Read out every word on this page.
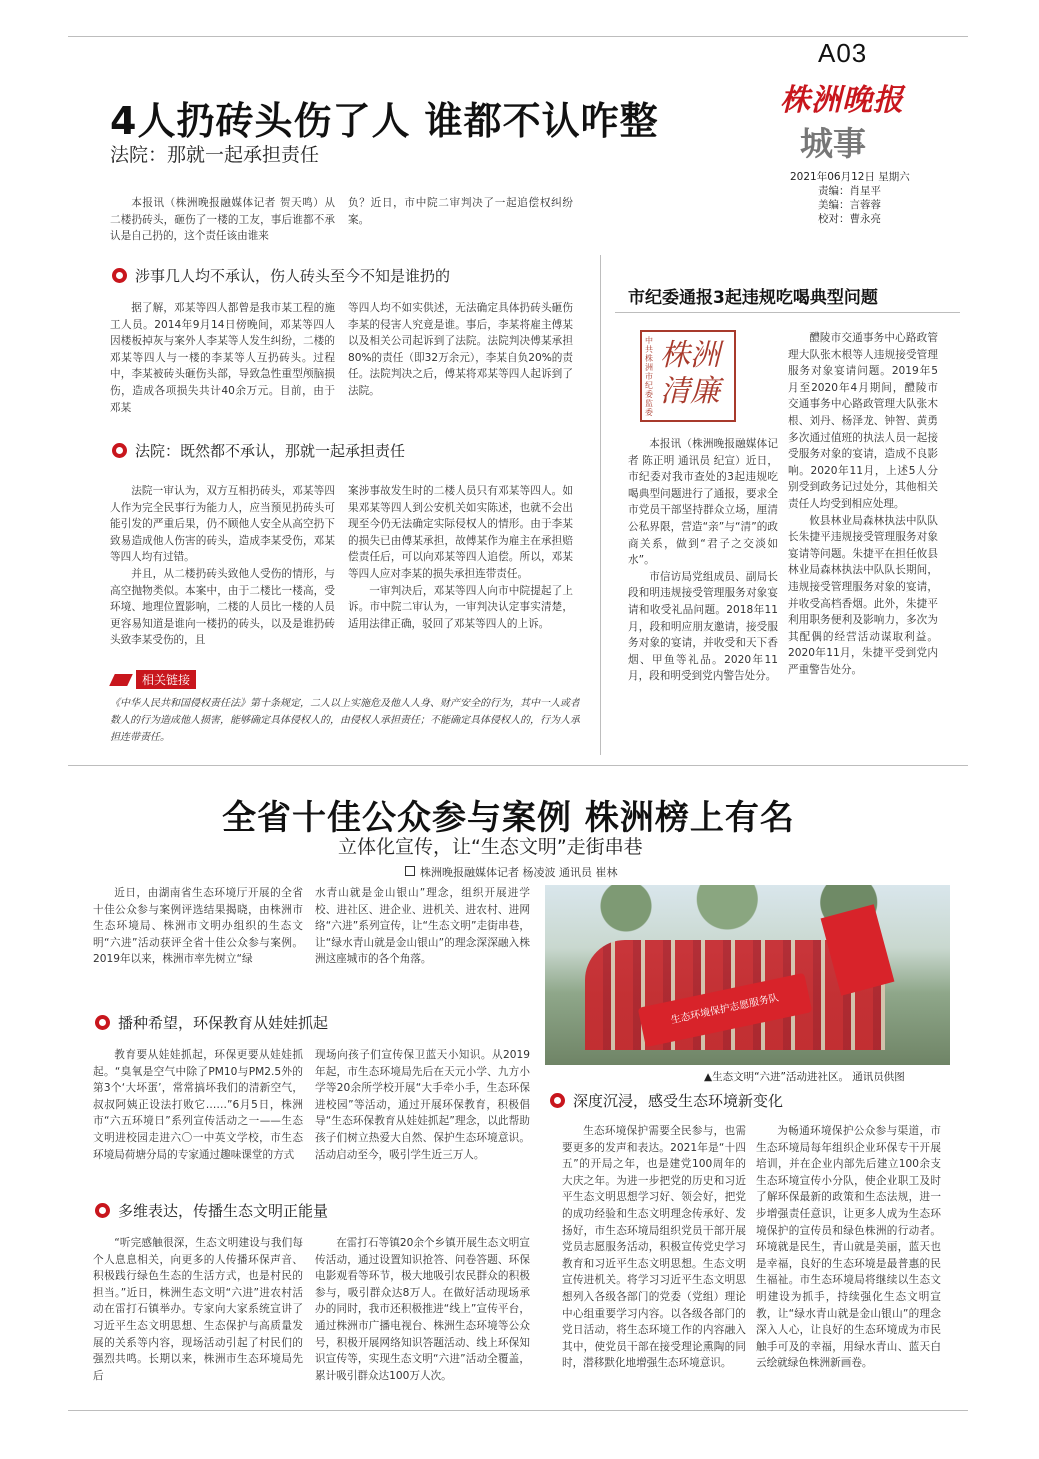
A03
株洲晚报
城事
2021年06月12日 星期六
责编：肖星平
美编：言蓉蓉
校对：曹永亮
4人扔砖头伤了人 谁都不认咋整
法院：那就一起承担责任

本报讯（株洲晚报融媒体记者 贺天鸣）从二楼扔砖头，砸伤了一楼的工友，事后谁都不承认是自己扔的，这个责任该由谁来

负？近日，市中院二审判决了一起追偿权纠纷案。

涉事几人均不承认，伤人砖头至今不知是谁扔的

据了解，邓某等四人都曾是我市某工程的施工人员。2014年9月14日傍晚间，邓某等四人因楼板掉灰与案外人李某等人发生纠纷，二楼的邓某等四人与一楼的李某等人互扔砖头。过程中，李某被砖头砸伤头部，导致急性重型颅脑损伤，造成各项损失共计40余万元。目前，由于邓某

等四人均不如实供述，无法确定具体扔砖头砸伤李某的侵害人究竟是谁。事后，李某将雇主傅某以及相关公司起诉到了法院。法院判决傅某承担80%的责任（即32万余元），李某自负20%的责任。法院判决之后，傅某将邓某等四人起诉到了法院。

法院：既然都不承认，那就一起承担责任

法院一审认为，双方互相扔砖头，邓某等四人作为完全民事行为能力人，应当预见扔砖头可能引发的严重后果，仍不顾他人安全从高空扔下致易造成他人伤害的砖头，造成李某受伤，邓某等四人均有过错。

并且，从二楼扔砖头致他人受伤的情形，与高空抛物类似。本案中，由于二楼比一楼高，受环境、地理位置影响，二楼的人员比一楼的人员更容易知道是谁向一楼扔的砖头，以及是谁扔砖头致李某受伤的，且

案涉事故发生时的二楼人员只有邓某等四人。如果邓某等四人到公安机关如实陈述，也就不会出现至今仍无法确定实际侵权人的情形。由于李某的损失已由傅某承担，故傅某作为雇主在承担赔偿责任后，可以向邓某等四人追偿。所以，邓某等四人应对李某的损失承担连带责任。

一审判决后，邓某等四人向市中院提起了上诉。市中院二审认为，一审判决认定事实清楚，适用法律正确，驳回了邓某等四人的上诉。

相关链接
《中华人民共和国侵权责任法》第十条规定，二人以上实施危及他人人身、财产安全的行为，其中一人或者数人的行为造成他人损害，能够确定具体侵权人的，由侵权人承担责任；不能确定具体侵权人的，行为人承担连带责任。
市纪委通报3起违规吃喝典型问题
中共株洲市纪委监委
株洲清廉

本报讯（株洲晚报融媒体记者 陈正明 通讯员 纪宣）近日，市纪委对我市查处的3起违规吃喝典型问题进行了通报，要求全市党员干部坚持群众立场，厘清公私界限，营造“亲”与“清”的政商关系，做到“君子之交淡如水”。

市信访局党组成员、副局长段和明违规接受管理服务对象宴请和收受礼品问题。2018年11月，段和明应朋友邀请，接受服务对象的宴请，并收受和天下香烟、甲鱼等礼品。2020年11月，段和明受到党内警告处分。

醴陵市交通事务中心路政管理大队张木根等人违规接受管理服务对象宴请问题。2019年5月至2020年4月期间，醴陵市交通事务中心路政管理大队张木根、刘丹、杨泽龙、钟智、黄勇多次通过值班的执法人员一起接受服务对象的宴请，造成不良影响。2020年11月，上述5人分别受到政务记过处分，其他相关责任人均受到相应处理。

攸县林业局森林执法中队队长朱捷平违规接受管理服务对象宴请等问题。朱捷平在担任攸县林业局森林执法中队队长期间，违规接受管理服务对象的宴请，并收受高档香烟。此外，朱捷平利用职务便利及影响力，多次为其配偶的经营活动谋取利益。2020年11月，朱捷平受到党内严重警告处分。

全省十佳公众参与案例 株洲榜上有名
立体化宣传，让“生态文明”走街串巷
株洲晚报融媒体记者 杨凌波 通讯员 崔林

近日，由湖南省生态环境厅开展的全省十佳公众参与案例评选结果揭晓，由株洲市生态环境局、株洲市文明办组织的生态文明“六进”活动获评全省十佳公众参与案例。2019年以来，株洲市率先树立“绿

水青山就是金山银山”理念，组织开展进学校、进社区、进企业、进机关、进农村、进网络“六进”系列宣传，让“生态文明”走街串巷，让“绿水青山就是金山银山”的理念深深融入株洲这座城市的各个角落。

播种希望，环保教育从娃娃抓起

教育要从娃娃抓起，环保更要从娃娃抓起。“臭氧是空气中除了PM10与PM2.5外的第3个‘大坏蛋’，常常搞坏我们的清新空气，叔叔阿姨正设法打败它……”6月5日，株洲市“六五环境日”系列宣传活动之一——生态文明进校园走进六〇一中英文学校，市生态环境局荷塘分局的专家通过趣味课堂的方式

现场向孩子们宣传保卫蓝天小知识。从2019年起，市生态环境局先后在天元小学、九方小学等20余所学校开展“大手牵小手，生态环保进校园”等活动，通过开展环保教育，积极倡导“生态环保教育从娃娃抓起”理念，以此帮助孩子们树立热爱大自然、保护生态环境意识。活动启动至今，吸引学生近三万人。

多维表达，传播生态文明正能量

“听完感触很深，生态文明建设与我们每个人息息相关，向更多的人传播环保声音、积极践行绿色生态的生活方式，也是村民的担当。”近日，株洲生态文明“六进”进农村活动在雷打石镇举办。专家向大家系统宣讲了习近平生态文明思想、生态保护与高质量发展的关系等内容，现场活动引起了村民们的强烈共鸣。长期以来，株洲市生态环境局先后

在雷打石等镇20余个乡镇开展生态文明宣传活动，通过设置知识抢答、问卷答题、环保电影观看等环节，极大地吸引农民群众的积极参与，吸引群众达8万人。在做好活动现场承办的同时，我市还积极推进“线上”宣传平台，通过株洲市广播电视台、株洲生态环境等公众号，积极开展网络知识答题活动、线上环保知识宣传等，实现生态文明“六进”活动全覆盖，累计吸引群众达100万人次。

生态环境保护志愿服务队
▲生态文明“六进”活动进社区。 通讯员供图
深度沉浸，感受生态环境新变化

生态环境保护需要全民参与，也需要更多的发声和表达。2021年是“十四五”的开局之年，也是建党100周年的大庆之年。为进一步把党的历史和习近平生态文明思想学习好、领会好，把党的成功经验和生态文明理念传承好、发扬好，市生态环境局组织党员干部开展党员志愿服务活动，积极宣传党史学习教育和习近平生态文明思想。生态文明宣传进机关。将学习习近平生态文明思想列入各级各部门的党委（党组）理论中心组重要学习内容。以各级各部门的党日活动，将生态环境工作的内容融入其中，使党员干部在接受理论熏陶的同时，潜移默化地增强生态环境意识。

为畅通环境保护公众参与渠道，市生态环境局每年组织企业环保专干开展培训，并在企业内部先后建立100余支生态环境宣传小分队，使企业职工及时了解环保最新的政策和生态法规，进一步增强责任意识，让更多人成为生态环境保护的宣传员和绿色株洲的行动者。环境就是民生，青山就是美丽，蓝天也是幸福，良好的生态环境是最普惠的民生福祉。市生态环境局将继续以生态文明建设为抓手，持续强化生态文明宣教，让“绿水青山就是金山银山”的理念深入人心，让良好的生态环境成为市民触手可及的幸福，用绿水青山、蓝天白云绘就绿色株洲新画卷。
